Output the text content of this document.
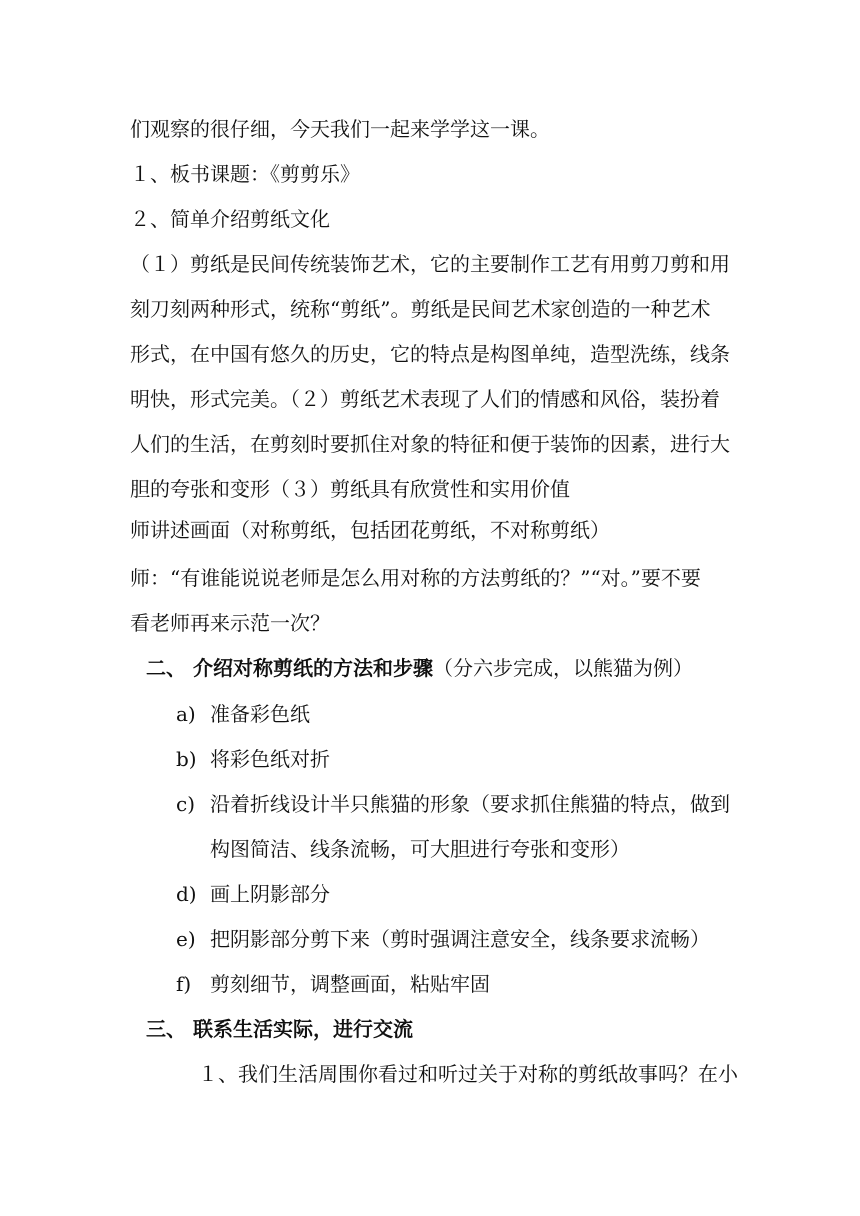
们观察的很仔细，今天我们一起来学学这一课。
１、板书课题：《剪剪乐》
２、简单介绍剪纸文化
（１）剪纸是民间传统装饰艺术，它的主要制作工艺有用剪刀剪和用
刻刀刻两种形式，统称“剪纸”。剪纸是民间艺术家创造的一种艺术
形式，在中国有悠久的历史，它的特点是构图单纯，造型洗练，线条
明快，形式完美。（２）剪纸艺术表现了人们的情感和风俗，装扮着
人们的生活，在剪刻时要抓住对象的特征和便于装饰的因素，进行大
胆的夸张和变形（３）剪纸具有欣赏性和实用价值
师讲述画面（对称剪纸，包括团花剪纸，不对称剪纸）
师：“有谁能说说老师是怎么用对称的方法剪纸的？”“对。”要不要
看老师再来示范一次？
二、 介绍对称剪纸的方法和步骤（分六步完成，以熊猫为例）
a) 准备彩色纸
b) 将彩色纸对折
c) 沿着折线设计半只熊猫的形象（要求抓住熊猫的特点，做到
构图简洁、线条流畅，可大胆进行夸张和变形）
d) 画上阴影部分
e) 把阴影部分剪下来（剪时强调注意安全，线条要求流畅）
f) 剪刻细节，调整画面，粘贴牢固
三、 联系生活实际，进行交流
１、我们生活周围你看过和听过关于对称的剪纸故事吗？在小
